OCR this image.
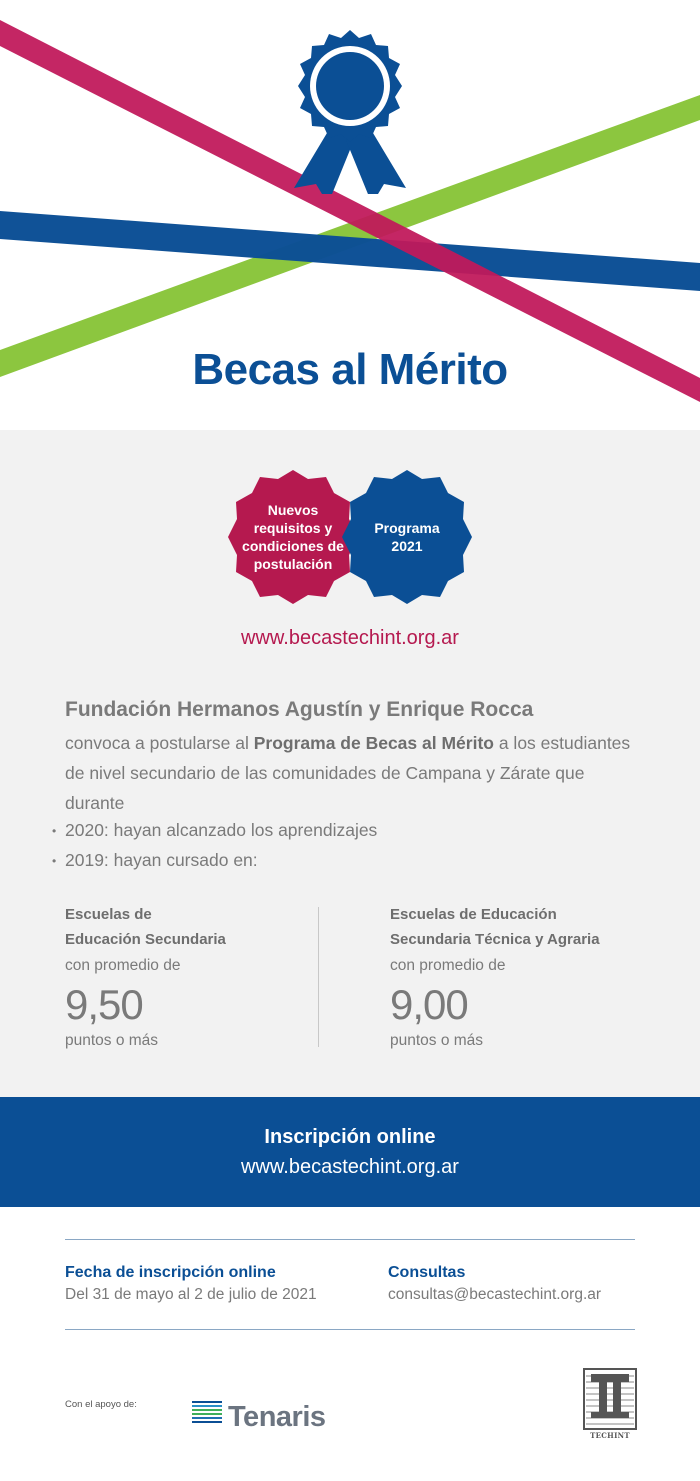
Becas al Mérito
Nuevos
requisitos y
condiciones de
postulación
Programa
2021
www.becastechint.org.ar
Fundación Hermanos Agustín y Enrique Rocca
convoca a postularse al Programa de Becas al Mérito a los estudiantes de nivel secundario de las comunidades de Campana y Zárate que durante
• 2020: hayan alcanzado los aprendizajes
• 2019: hayan cursado en:
Escuelas de
Educación Secundaria
con promedio de
9,50
puntos o más
Escuelas de Educación
Secundaria Técnica y Agraria
con promedio de
9,00
puntos o más
Inscripción online
www.becastechint.org.ar
Fecha de inscripción online
Del 31 de mayo al 2 de julio de 2021
Consultas
consultas@becastechint.org.ar
Con el apoyo de:	Tenaris
TECHINT
